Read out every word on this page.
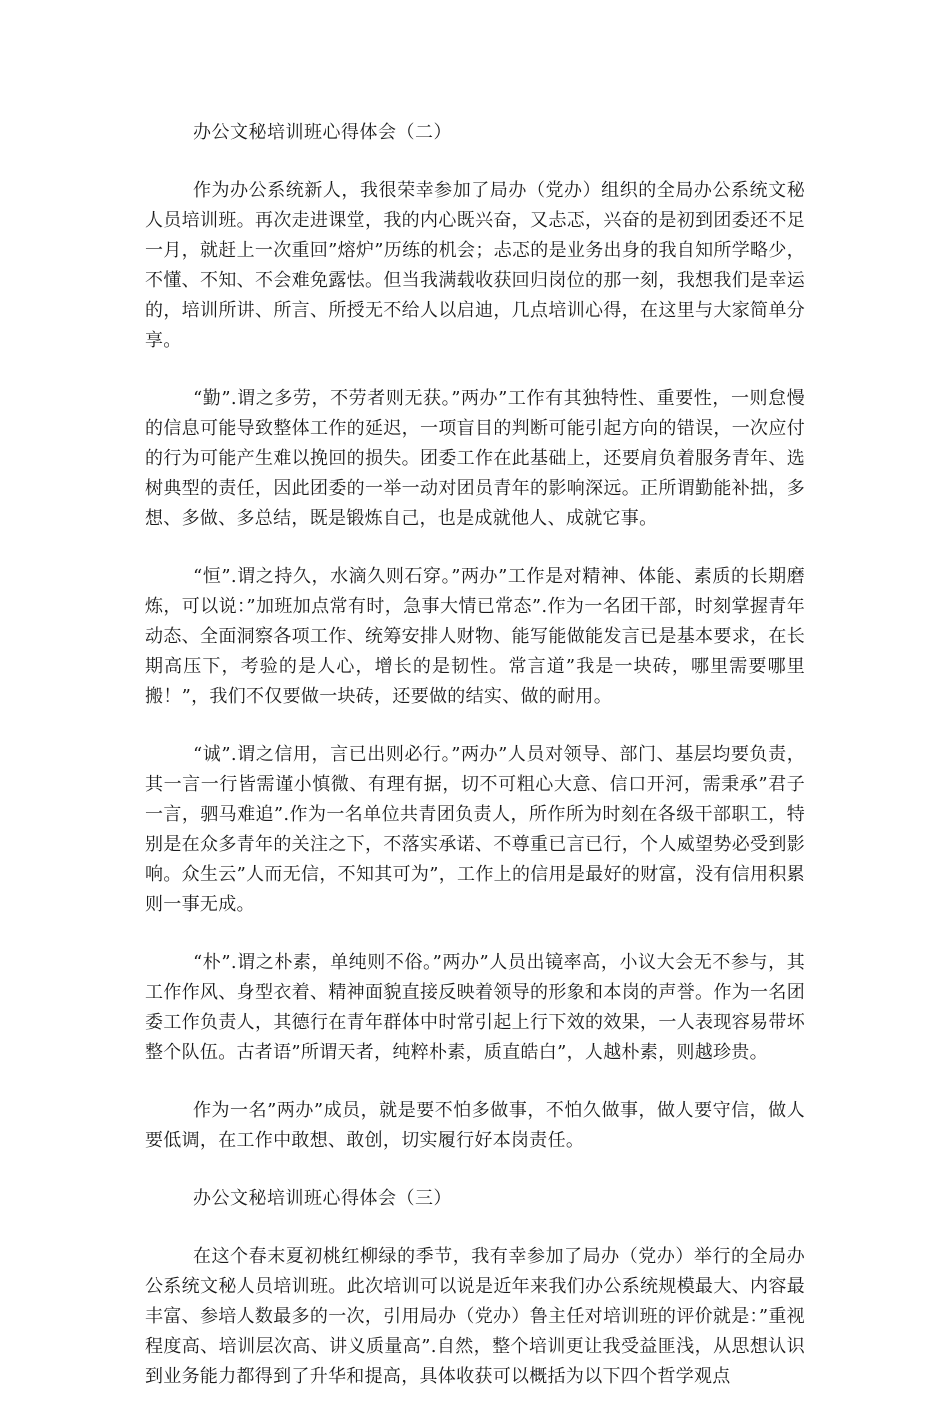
办公文秘培训班心得体会（二）

作为办公系统新人，我很荣幸参加了局办（党办）组织的全局办公系统文秘人员培训班。再次走进课堂，我的内心既兴奋，又忐忑，兴奋的是初到团委还不足一月，就赶上一次重回”熔炉”历练的机会；忐忑的是业务出身的我自知所学略少，不懂、不知、不会难免露怯。但当我满载收获回归岗位的那一刻，我想我们是幸运的，培训所讲、所言、所授无不给人以启迪，几点培训心得，在这里与大家简单分享。

“勤”.谓之多劳，不劳者则无获。”两办”工作有其独特性、重要性，一则怠慢的信息可能导致整体工作的延迟，一项盲目的判断可能引起方向的错误，一次应付的行为可能产生难以挽回的损失。团委工作在此基础上，还要肩负着服务青年、选树典型的责任，因此团委的一举一动对团员青年的影响深远。正所谓勤能补拙，多想、多做、多总结，既是锻炼自己，也是成就他人、成就它事。

“恒”.谓之持久，水滴久则石穿。”两办”工作是对精神、体能、素质的长期磨炼，可以说：”加班加点常有时，急事大情已常态”.作为一名团干部，时刻掌握青年动态、全面洞察各项工作、统筹安排人财物、能写能做能发言已是基本要求，在长期高压下，考验的是人心，增长的是韧性。常言道”我是一块砖，哪里需要哪里搬！”，我们不仅要做一块砖，还要做的结实、做的耐用。

“诚”.谓之信用，言已出则必行。”两办”人员对领导、部门、基层均要负责，其一言一行皆需谨小慎微、有理有据，切不可粗心大意、信口开河，需秉承”君子一言，驷马难追”.作为一名单位共青团负责人，所作所为时刻在各级干部职工，特别是在众多青年的关注之下，不落实承诺、不尊重已言已行，个人威望势必受到影响。众生云”人而无信，不知其可为”，工作上的信用是最好的财富，没有信用积累则一事无成。

“朴”.谓之朴素，单纯则不俗。”两办”人员出镜率高，小议大会无不参与，其工作作风、身型衣着、精神面貌直接反映着领导的形象和本岗的声誉。作为一名团委工作负责人，其德行在青年群体中时常引起上行下效的效果，一人表现容易带坏整个队伍。古者语”所谓天者，纯粹朴素，质直皓白”，人越朴素，则越珍贵。

作为一名”两办”成员，就是要不怕多做事，不怕久做事，做人要守信，做人要低调，在工作中敢想、敢创，切实履行好本岗责任。

办公文秘培训班心得体会（三）

在这个春末夏初桃红柳绿的季节，我有幸参加了局办（党办）举行的全局办公系统文秘人员培训班。此次培训可以说是近年来我们办公系统规模最大、内容最丰富、参培人数最多的一次，引用局办（党办）鲁主任对培训班的评价就是：”重视程度高、培训层次高、讲义质量高”.自然，整个培训更让我受益匪浅，从思想认识到业务能力都得到了升华和提高，具体收获可以概括为以下四个哲学观点
